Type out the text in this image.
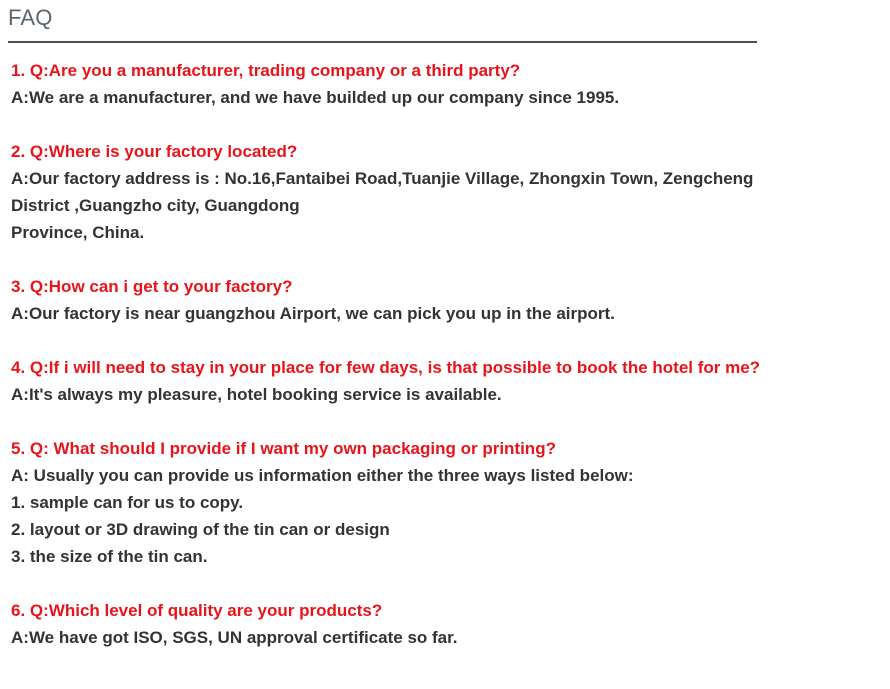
FAQ
1. Q:Are you a manufacturer, trading company or a third party?
A:We are a manufacturer, and we have builded up our company since 1995.
2. Q:Where is your factory located?
A:Our factory address is : No.16,Fantaibei Road,Tuanjie Village, Zhongxin Town, Zengcheng District ,Guangzho city, Guangdong
Province, China.
3. Q:How can i get to your factory?
A:Our factory is near guangzhou Airport, we can pick you up in the airport.
4. Q:If i will need to stay in your place for few days, is that possible to book the hotel for me?
A:It's always my pleasure, hotel booking service is available.
5. Q: What should I provide if I want my own packaging or printing?
A: Usually you can provide us information either the three ways listed below:
1. sample can for us to copy.
2. layout or 3D drawing of the tin can or design
3. the size of the tin can.
6. Q:Which level of quality are your products?
A:We have got ISO, SGS, UN approval certificate so far.
